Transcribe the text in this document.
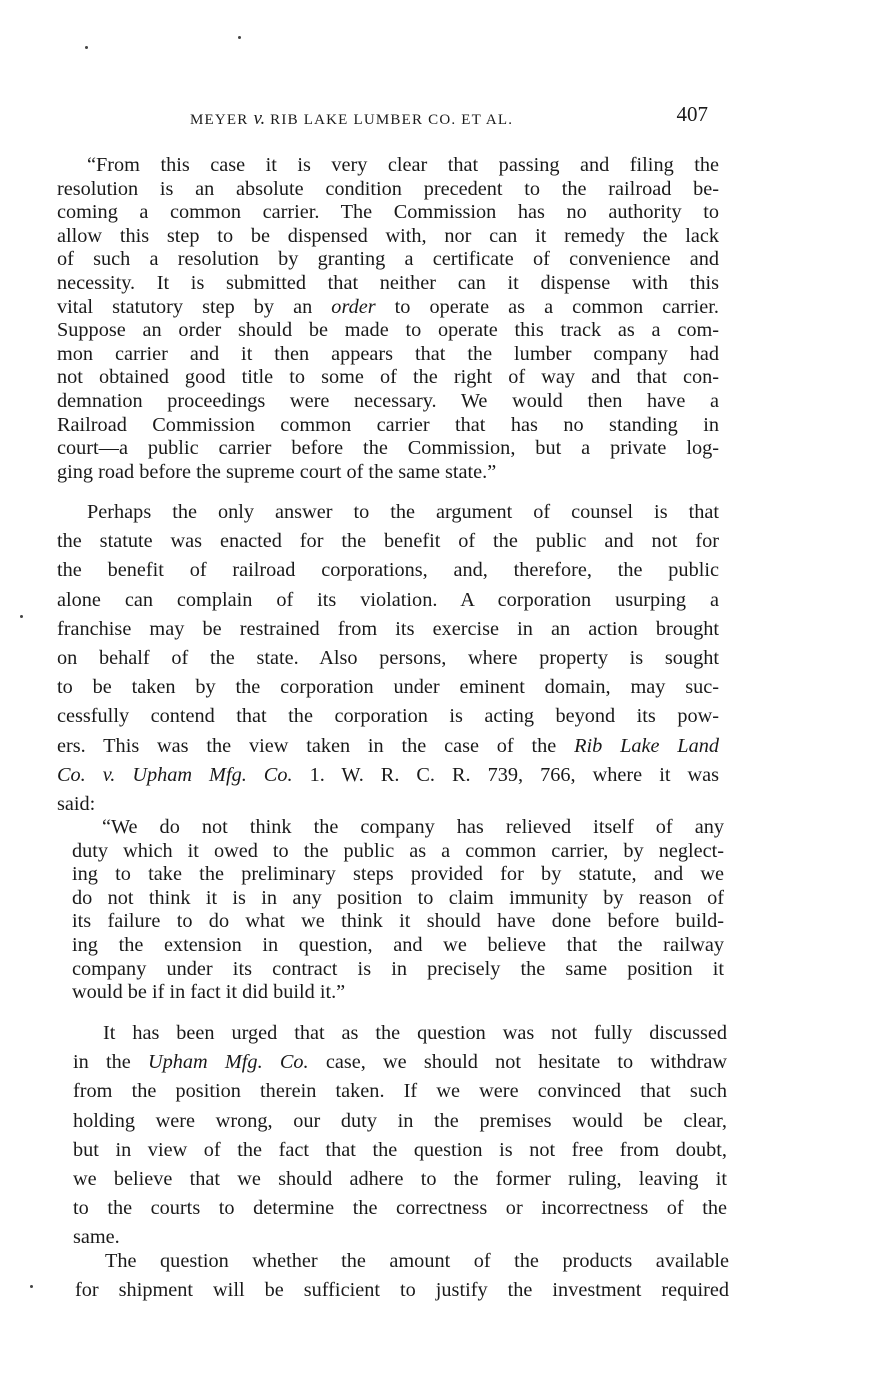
MEYER v. RIB LAKE LUMBER CO. ET AL.	407
“From this case it is very clear that passing and filing the
resolution is an absolute condition precedent to the railroad be-
coming a common carrier. The Commission has no authority to
allow this step to be dispensed with, nor can it remedy the lack
of such a resolution by granting a certificate of convenience and
necessity. It is submitted that neither can it dispense with this
vital statutory step by an order to operate as a common carrier.
Suppose an order should be made to operate this track as a com-
mon carrier and it then appears that the lumber company had
not obtained good title to some of the right of way and that con-
demnation proceedings were necessary. We would then have a
Railroad Commission common carrier that has no standing in
court—a public carrier before the Commission, but a private log-
ging road before the supreme court of the same state.”
Perhaps the only answer to the argument of counsel is that
the statute was enacted for the benefit of the public and not for
the benefit of railroad corporations, and, therefore, the public
alone can complain of its violation. A corporation usurping a
franchise may be restrained from its exercise in an action brought
on behalf of the state. Also persons, where property is sought
to be taken by the corporation under eminent domain, may suc-
cessfully contend that the corporation is acting beyond its pow-
ers. This was the view taken in the case of the Rib Lake Land
Co. v. Upham Mfg. Co. 1. W. R. C. R. 739, 766, where it was
said:
“We do not think the company has relieved itself of any
duty which it owed to the public as a common carrier, by neglect-
ing to take the preliminary steps provided for by statute, and we
do not think it is in any position to claim immunity by reason of
its failure to do what we think it should have done before build-
ing the extension in question, and we believe that the railway
company under its contract is in precisely the same position it
would be if in fact it did build it.”
It has been urged that as the question was not fully discussed
in the Upham Mfg. Co. case, we should not hesitate to withdraw
from the position therein taken. If we were convinced that such
holding were wrong, our duty in the premises would be clear,
but in view of the fact that the question is not free from doubt,
we believe that we should adhere to the former ruling, leaving it
to the courts to determine the correctness or incorrectness of the
same.
The question whether the amount of the products available
for shipment will be sufficient to justify the investment required
